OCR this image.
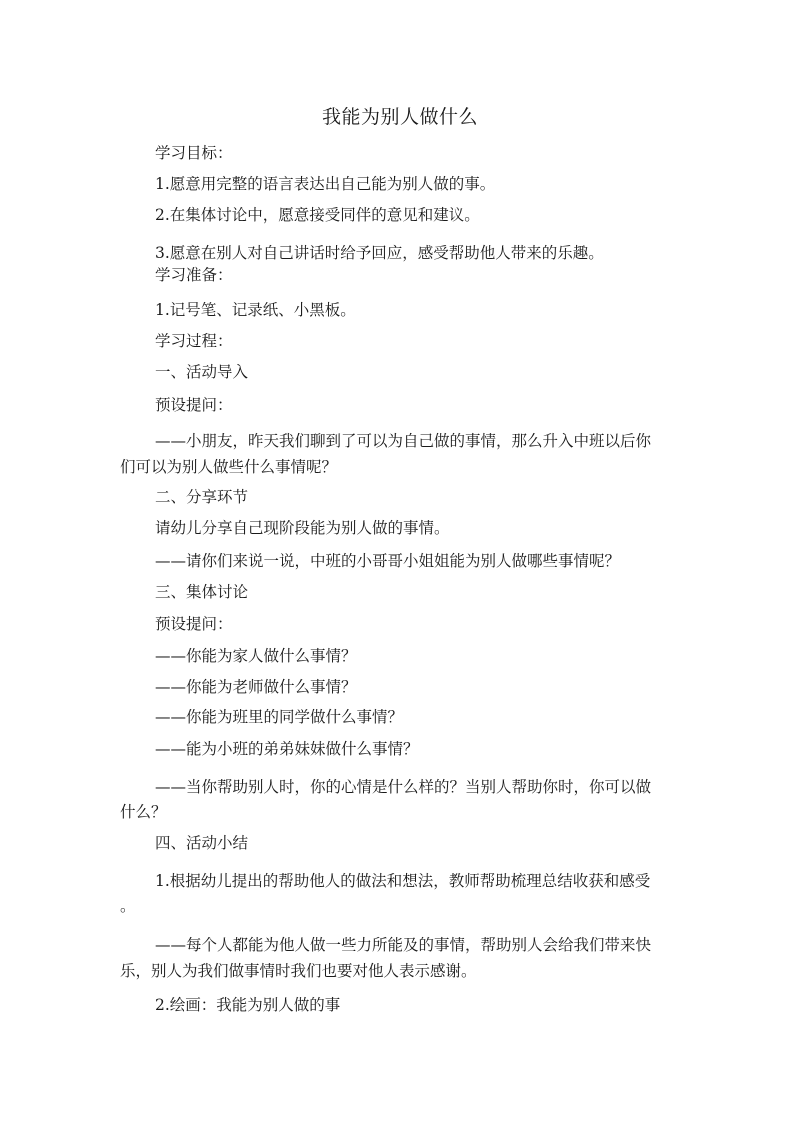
我能为别人做什么
学习目标：
1.愿意用完整的语言表达出自己能为别人做的事。
2.在集体讨论中，愿意接受同伴的意见和建议。
3.愿意在别人对自己讲话时给予回应，感受帮助他人带来的乐趣。
学习准备：
1.记号笔、记录纸、小黑板。
学习过程：
一、活动导入
预设提问：
——小朋友，昨天我们聊到了可以为自己做的事情，那么升入中班以后你
们可以为别人做些什么事情呢？
二、分享环节
请幼儿分享自己现阶段能为别人做的事情。
——请你们来说一说，中班的小哥哥小姐姐能为别人做哪些事情呢？
三、集体讨论
预设提问：
——你能为家人做什么事情？
——你能为老师做什么事情？
——你能为班里的同学做什么事情？
——能为小班的弟弟妹妹做什么事情？
——当你帮助别人时，你的心情是什么样的？当别人帮助你时，你可以做
什么？
四、活动小结
1.根据幼儿提出的帮助他人的做法和想法，教师帮助梳理总结收获和感受
。
——每个人都能为他人做一些力所能及的事情，帮助别人会给我们带来快
乐，别人为我们做事情时我们也要对他人表示感谢。
2.绘画：我能为别人做的事
